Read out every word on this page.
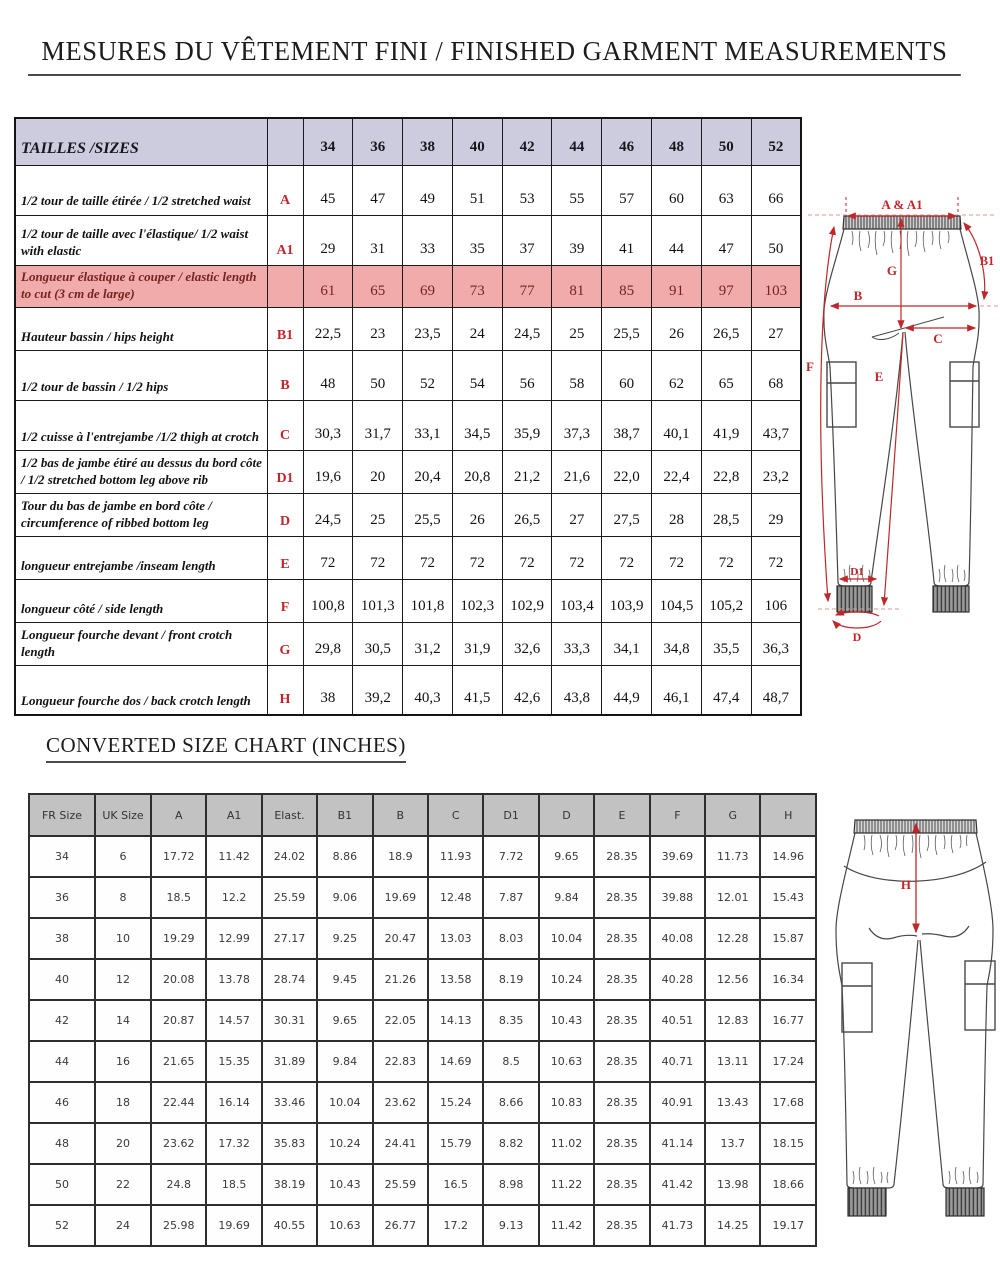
MESURES DU VÊTEMENT FINI / FINISHED GARMENT MEASUREMENTS
TAILLES /SIZES		34	36	38	40	42	44	46	48	50	52
1/2 tour de taille étirée / 1/2 stretched waist	A	45	47	49	51	53	55	57	60	63	66
1/2 tour de taille avec l'élastique/ 1/2 waist with elastic	A1	29	31	33	35	37	39	41	44	47	50
Longueur élastique à couper / elastic length to cut (3 cm de large)		61	65	69	73	77	81	85	91	97	103
Hauteur bassin / hips height	B1	22,5	23	23,5	24	24,5	25	25,5	26	26,5	27
1/2 tour de bassin / 1/2 hips	B	48	50	52	54	56	58	60	62	65	68
1/2 cuisse à l'entrejambe /1/2 thigh at crotch	C	30,3	31,7	33,1	34,5	35,9	37,3	38,7	40,1	41,9	43,7
1/2 bas de jambe étiré au dessus du bord côte / 1/2 stretched bottom leg above rib	D1	19,6	20	20,4	20,8	21,2	21,6	22,0	22,4	22,8	23,2
Tour du bas de jambe en bord côte / circumference of ribbed bottom leg	D	24,5	25	25,5	26	26,5	27	27,5	28	28,5	29
longueur entrejambe /inseam length	E	72	72	72	72	72	72	72	72	72	72
longueur côté / side length	F	100,8	101,3	101,8	102,3	102,9	103,4	103,9	104,5	105,2	106
Longueur fourche devant / front crotch length	G	29,8	30,5	31,2	31,9	32,6	33,3	34,1	34,8	35,5	36,3
Longueur fourche dos / back crotch length	H	38	39,2	40,3	41,5	42,6	43,8	44,9	46,1	47,4	48,7
A & A1
B1
G
B
C
F
E
D1
D
CONVERTED SIZE CHART (INCHES)
FR Size	UK Size	A	A1	Elast.	B1	B	C	D1	D	E	F	G	H
34	6	17.72	11.42	24.02	8.86	18.9	11.93	7.72	9.65	28.35	39.69	11.73	14.96
36	8	18.5	12.2	25.59	9.06	19.69	12.48	7.87	9.84	28.35	39.88	12.01	15.43
38	10	19.29	12.99	27.17	9.25	20.47	13.03	8.03	10.04	28.35	40.08	12.28	15.87
40	12	20.08	13.78	28.74	9.45	21.26	13.58	8.19	10.24	28.35	40.28	12.56	16.34
42	14	20.87	14.57	30.31	9.65	22.05	14.13	8.35	10.43	28.35	40.51	12.83	16.77
44	16	21.65	15.35	31.89	9.84	22.83	14.69	8.5	10.63	28.35	40.71	13.11	17.24
46	18	22.44	16.14	33.46	10.04	23.62	15.24	8.66	10.83	28.35	40.91	13.43	17.68
48	20	23.62	17.32	35.83	10.24	24.41	15.79	8.82	11.02	28.35	41.14	13.7	18.15
50	22	24.8	18.5	38.19	10.43	25.59	16.5	8.98	11.22	28.35	41.42	13.98	18.66
52	24	25.98	19.69	40.55	10.63	26.77	17.2	9.13	11.42	28.35	41.73	14.25	19.17
H
